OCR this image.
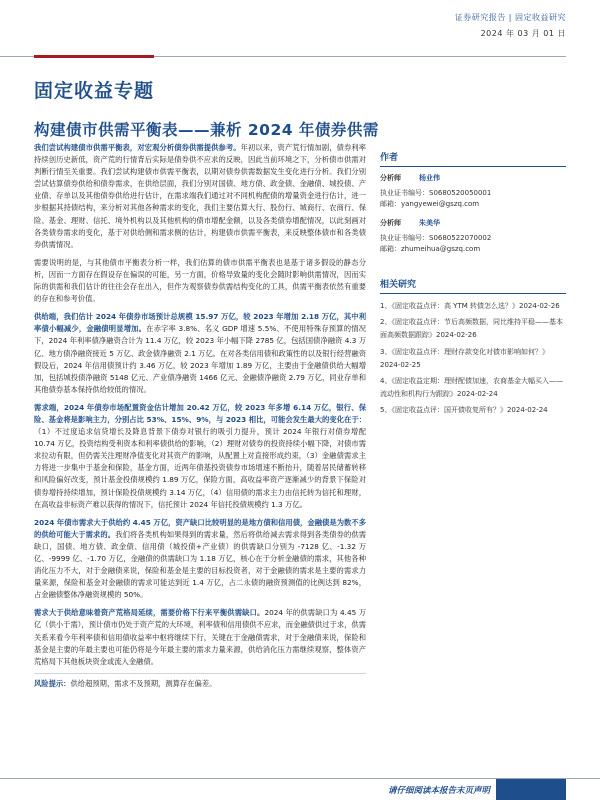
证券研究报告 | 固定收益研究
2024 年 03 月 01 日
固定收益专题
构建债市供需平衡表——兼析 2024 年债券供需

我们尝试构建债市供需平衡表，对宏观分析债券供需提供参考。年初以来，资产荒行情加剧，债券利率持续创历史新低，资产荒的行情背后实际是债券供不应求的反映，因此当前环境之下，分析债市供需对判断行情至关重要。我们尝试构建债市供需平衡表，以期对债券供需数据发生变化进行分析。我们分别尝试估算债券供给和债券需求，在供给层面，我们分别对国债、地方债、政金债、金融债、城投债、产业债、存单以及其他债券供给进行估计，在需求端我们通过对不同机构配债的增量资金进行估计，进一步根据其持债结构，来分析对其他各种需求的变化，我们主要估算大行、股份行、城商行、农商行、保险、基金、理财、信托、境外机构以及其他机构的债市增配金额，以及各类债券增配情况，以此刻画对各类债券需求的变化，基于对供给侧和需求侧的估计，构建债市供需平衡表，来反映整体债市和各类债券供需情况。

需要说明的是，与其他债市平衡表分析一样，我们估算的债市供需平衡表也是基于诸多假设的静态分析，因而一方面存在假设存在偏误的可能，另一方面，价格导致量的变化会随时影响供需情况，因而实际的供需和我们估计的往往会存在出入，但作为观察债券供需结构变化的工具，供需平衡表依然有重要的存在和参考价值。

供给端，我们估计 2024 年债券市场预计总规模 15.97 万亿，较 2023 年增加 2.18 万亿，其中利率债小幅减少，金融债明显增加。在赤字率 3.8%、名义 GDP 增速 5.5%、不使用特殊存预算的情况下，2024 年利率债净融资合计为 11.4 万亿，较 2023 年小幅下降 2785 亿，包括国债净融资 4.3 万亿、地方债净融资接近 5 万亿、政金债净融资 2.1 万亿。在对各类信用债和政策性的以及银行经营融资假设后，2024 年信用债预计约 3.46 万亿，较 2023 年增加 1.89 万亿，主要由于金融债供给大幅增加，包括城投债净融资 5148 亿元、产业债净融资 1466 亿元、金融债净融资 2.79 万亿，同业存单和其他债券基本保持供给较低的情况。

需求端，2024 年债券市场配置资金估计增加 20.42 万亿，较 2023 年多增 6.14 万亿，银行、保险、基金将是影响主力，分别占比 53%、15%、9%，与 2023 相比，可能会发生最大的变化在于：（1）不过度追求信贷增长及降息背景下债券对银行的吸引力提升，预计 2024 年银行对债券增配 10.74 万亿，投资结构受利资本和利率债供给的影响，（2）理财对债券的投资持续小幅下降，对债市需求拉动有限，但仍需关注理财净值变化对其资产的影响，从配置上对直接形成约束，（3）金融债需求主力将进一步集中于基金和保险，基金方面，近两年债基投资债券市场增速不断抬升，随着居民储蓄转移和风险偏好改变，预计基金投债规模约 1.89 万亿，保险方面，高收益率资产逐渐减少的背景下保险对债券增持持续增加，预计保险投债规模约 3.14 万亿，（4）信用债的需求主力由信托转为信托和理财，在高收益非标资产难以获得的情况下，信托预计 2024 年信托投债规模约 1.3 万亿。

2024 年债市需求大于供给约 4.45 万亿，资产缺口比较明显的是地方债和信用债，金融债是为数不多的供给可能大于需求的。我们将各类机构如果得到的需求量，然后将供给减去需求得到各类债券的供需缺口，国债、地方债、政金债、信用债（城投债+产业债）的供需缺口分别为 -7128 亿、-1.32 万亿、-9999 亿、-1.70 万亿，金融债的供需缺口为 1.18 万亿，核心在于分析金融债的需求，其他各种消化压力不大，对于金融债来说，保险和基金是主要的目标投资者，对于金融债的需求是主要的需求力量来源，保险和基金对金融债的需求可能达到近 1.4 万亿，占二永债的融资预测值的比例达到 82%，占金融债整体净融资规模的 50%。

需求大于供给意味着资产荒格局延续，需要价格下行来平衡供需缺口。2024 年的供需缺口为 4.45 万亿（供小于需），预计债市仍处于资产荒的大环境，利率债和信用债供不应求，而金融债供过于求，供需关系来看今年利率债和信用债收益率中枢将继续下行，关键在于金融债需求，对于金融债来说，保险和基金是主要的年最主要也可能仍将是今年最主要的需求力量来源，供给消化压力需继续观察，整体资产荒格局下其他板块资金或流入金融债。

风险提示：供给超预期，需求不及预期，测算存在偏差。

作者
分析师	杨业伟
执业证书编号：S0680520050001
邮箱：yangyewei@gszq.com
分析师	朱美华
执业证书编号：S0680522070002
邮箱：zhumeihua@gszq.com
相关研究
1、《固定收益点评：高 YTM 转债怎么选？》2024-02-26
2、《固定收益点评：节后高频数据，同比维持平稳——基本面高频数据跟踪》2024-02-26
3、《固定收益点评：理财存款变化对债市影响如何？》
2024-02-25
4、《固定收益定期：理财配债加速，农商基金大幅买入——流动性和机构行为跟踪》2024-02-24
5、《固定收益点评：国开债收复所有？》2024-02-24
请仔细阅读本报告末页声明
